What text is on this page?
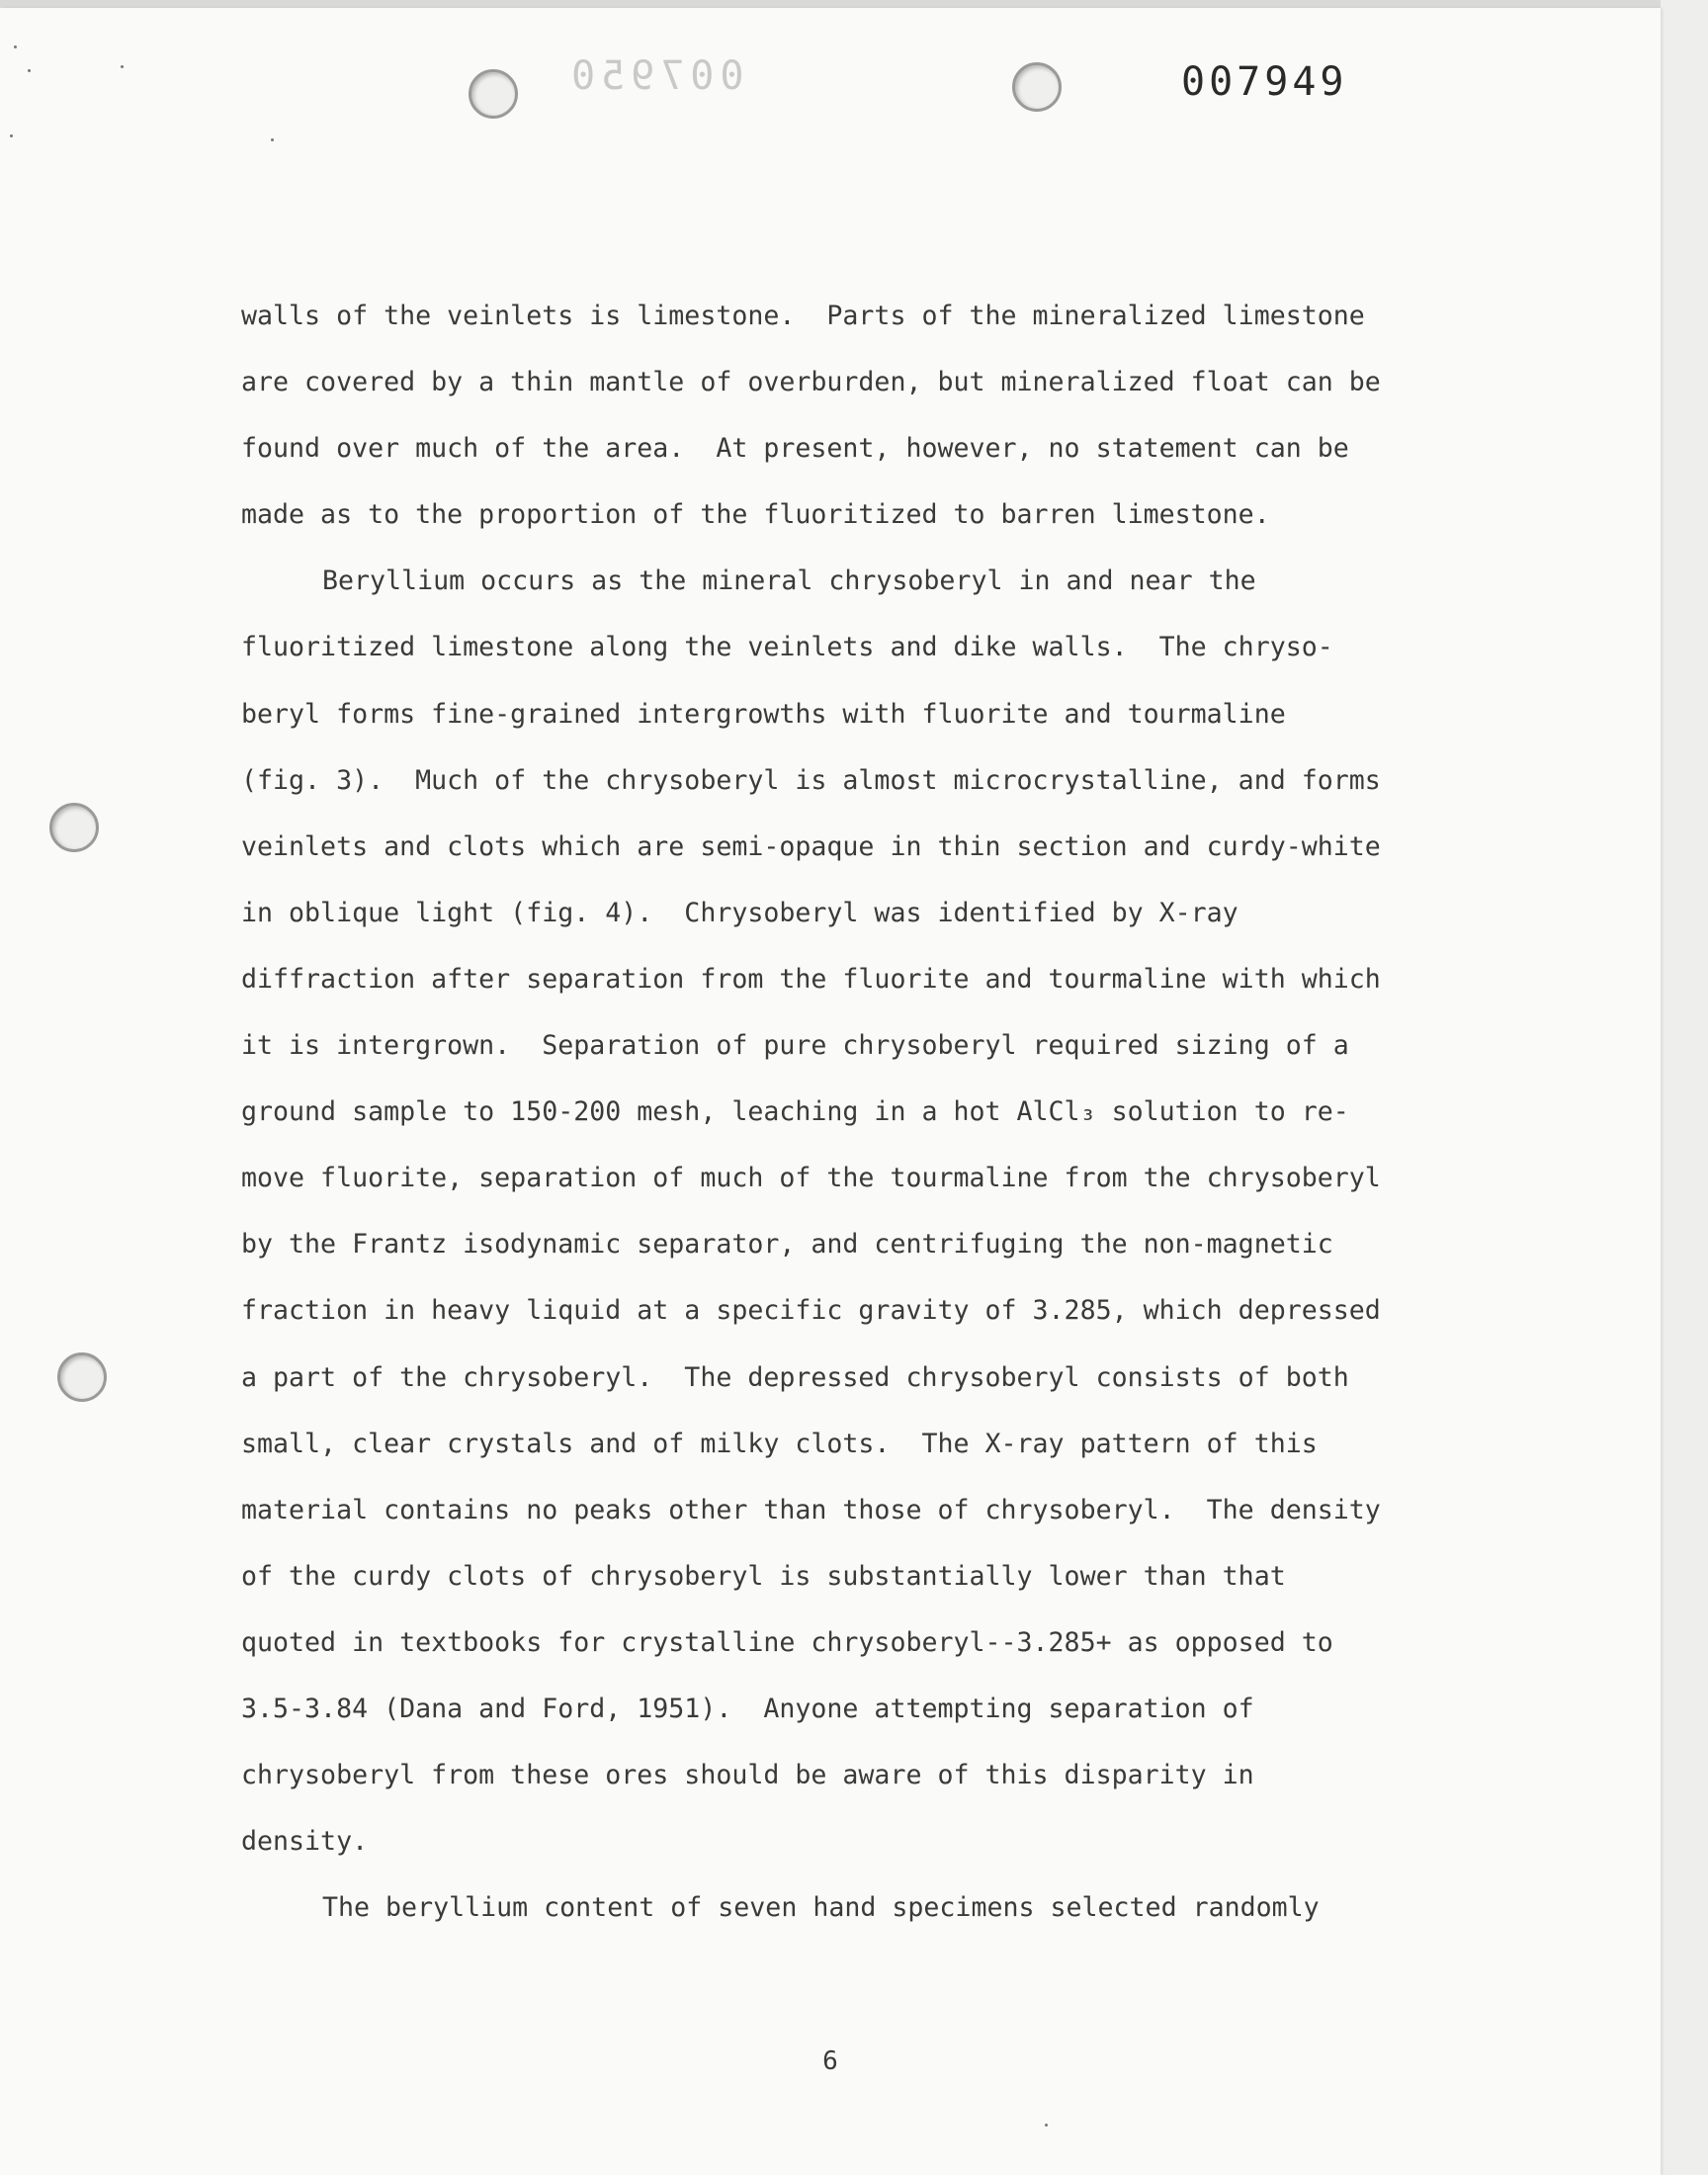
007950	007949
walls of the veinlets is limestone.  Parts of the mineralized limestone
are covered by a thin mantle of overburden, but mineralized float can be
found over much of the area.  At present, however, no statement can be
made as to the proportion of the fluoritized to barren limestone.
Beryllium occurs as the mineral chrysoberyl in and near the
fluoritized limestone along the veinlets and dike walls.  The chryso-
beryl forms fine-grained intergrowths with fluorite and tourmaline
(fig. 3).  Much of the chrysoberyl is almost microcrystalline, and forms
veinlets and clots which are semi-opaque in thin section and curdy-white
in oblique light (fig. 4).  Chrysoberyl was identified by X-ray
diffraction after separation from the fluorite and tourmaline with which
it is intergrown.  Separation of pure chrysoberyl required sizing of a
ground sample to 150-200 mesh, leaching in a hot AlCl₃ solution to re-
move fluorite, separation of much of the tourmaline from the chrysoberyl
by the Frantz isodynamic separator, and centrifuging the non-magnetic
fraction in heavy liquid at a specific gravity of 3.285, which depressed
a part of the chrysoberyl.  The depressed chrysoberyl consists of both
small, clear crystals and of milky clots.  The X-ray pattern of this
material contains no peaks other than those of chrysoberyl.  The density
of the curdy clots of chrysoberyl is substantially lower than that
quoted in textbooks for crystalline chrysoberyl--3.285+ as opposed to
3.5-3.84 (Dana and Ford, 1951).  Anyone attempting separation of
chrysoberyl from these ores should be aware of this disparity in
density.
The beryllium content of seven hand specimens selected randomly
6
